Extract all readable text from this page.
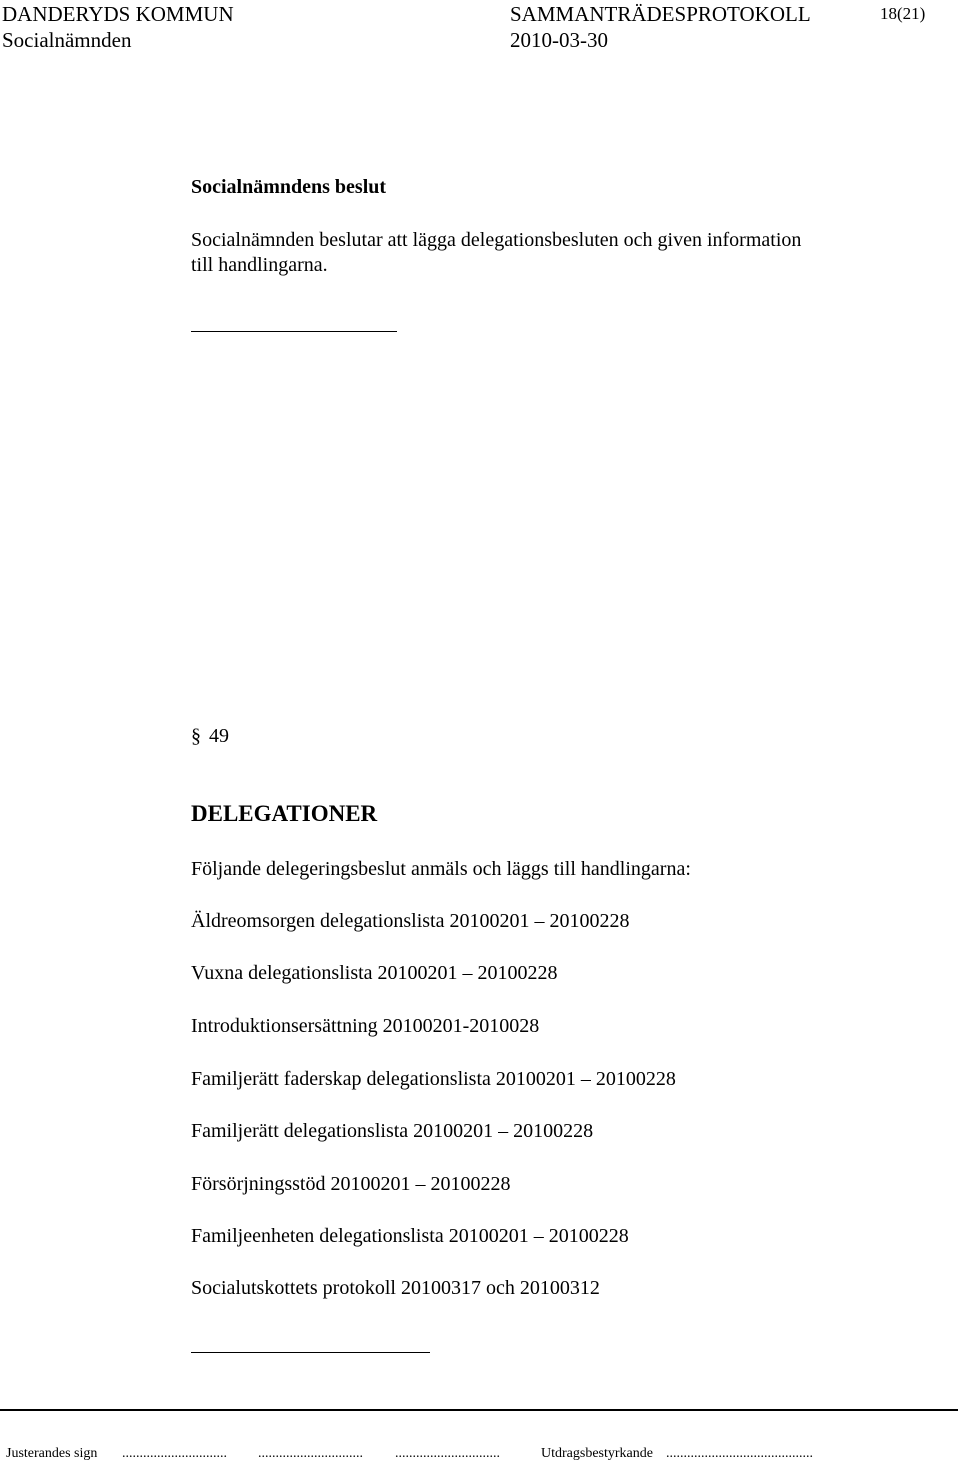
DANDERYDS KOMMUN	SAMMANTRÄDESPROTOKOLL	18(21)
Socialnämnden	2010-03-30
Socialnämndens beslut
Socialnämnden beslutar att lägga delegationsbesluten och given information
till handlingarna.
§ 49
DELEGATIONER
Följande delegeringsbeslut anmäls och läggs till handlingarna:
Äldreomsorgen delegationslista 20100201 – 20100228
Vuxna delegationslista 20100201 – 20100228
Introduktionsersättning 20100201-2010028
Familjerätt faderskap delegationslista 20100201 – 20100228
Familjerätt delegationslista 20100201 – 20100228
Försörjningsstöd 20100201 – 20100228
Familjeenheten delegationslista 20100201 – 20100228
Socialutskottets protokoll 20100317 och 20100312
Justerandes sign .............................. .............................. ..............................	Utdragsbestyrkande ..........................................
